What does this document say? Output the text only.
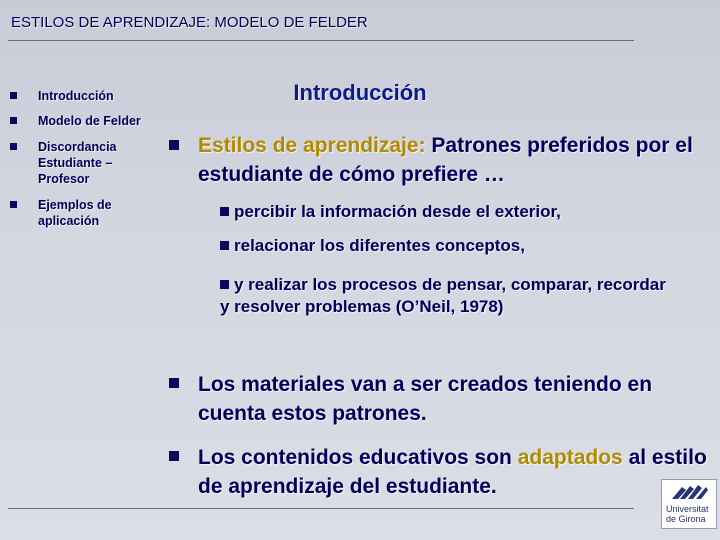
ESTILOS DE APRENDIZAJE: MODELO DE FELDER
Introducción
Modelo de Felder
Discordancia Estudiante – Profesor
Ejemplos de aplicación
Introducción
Estilos de aprendizaje: Patrones preferidos por el estudiante de cómo prefiere …
percibir la información desde el exterior,
relacionar los diferentes conceptos,
y realizar los procesos de pensar, comparar, recordar y resolver problemas (O’Neil, 1978)
Los materiales van a ser creados teniendo en cuenta estos patrones.
Los contenidos educativos son adaptados al estilo de aprendizaje del estudiante.
Universitat
de Girona
